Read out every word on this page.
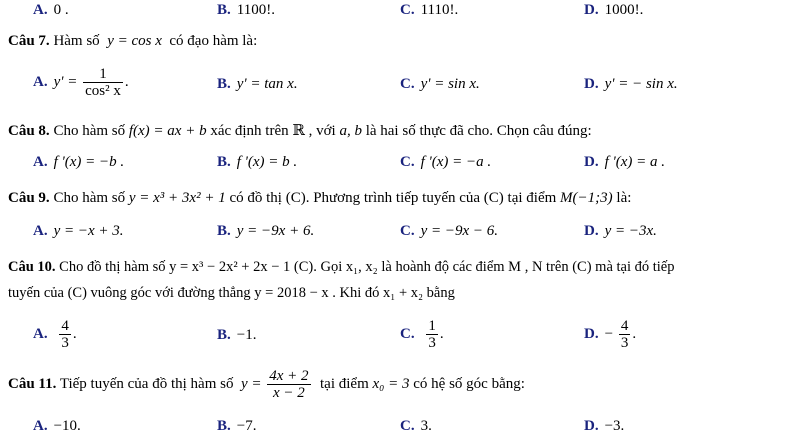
A. 0 .	B. 1100!.	C. 1110!.	D. 1000!.
Câu 7. Hàm số y = cos x có đạo hàm là:
A. $y' = \frac{1}{\text{cos² x}}$ .	B. y' = tan x.	C. y' = sin x.	D. y' = − sin x.
Câu 8. Cho hàm số f(x) = ax + b xác định trên ℝ , với a, b là hai số thực đã cho. Chọn câu đúng:
A. f '(x) = −b .	B. f '(x) = b .	C. f '(x) = −a .	D. f '(x) = a .
Câu 9. Cho hàm số y = x³ + 3x² + 1 có đồ thị (C). Phương trình tiếp tuyến của (C) tại điểm M(−1;3) là:
A. y = −x + 3.	B. y = −9x + 6.	C. y = −9x − 6.	D. y = −3x.
Câu 10. Cho đồ thị hàm số y = x³ − 2x² + 2x − 1 (C). Gọi x₁, x₂ là hoành độ các điểm M , N trên (C) mà tại đó tiếp
tuyến của (C) vuông góc với đường thẳng y = 2018 − x . Khi đó x₁ + x₂ bằng
A. $\frac{4}{3}$ .	B. −1.	C. $\frac{1}{3}$ .	D. − $\frac{4}{3}$ .
Câu 11. Tiếp tuyến của đồ thị hàm số $y = \frac{4x + 2}{x - 2}$ tại điểm x₀ = 3 có hệ số góc bằng:
A. −10.	B. −7.	C. 3.	D. −3.
